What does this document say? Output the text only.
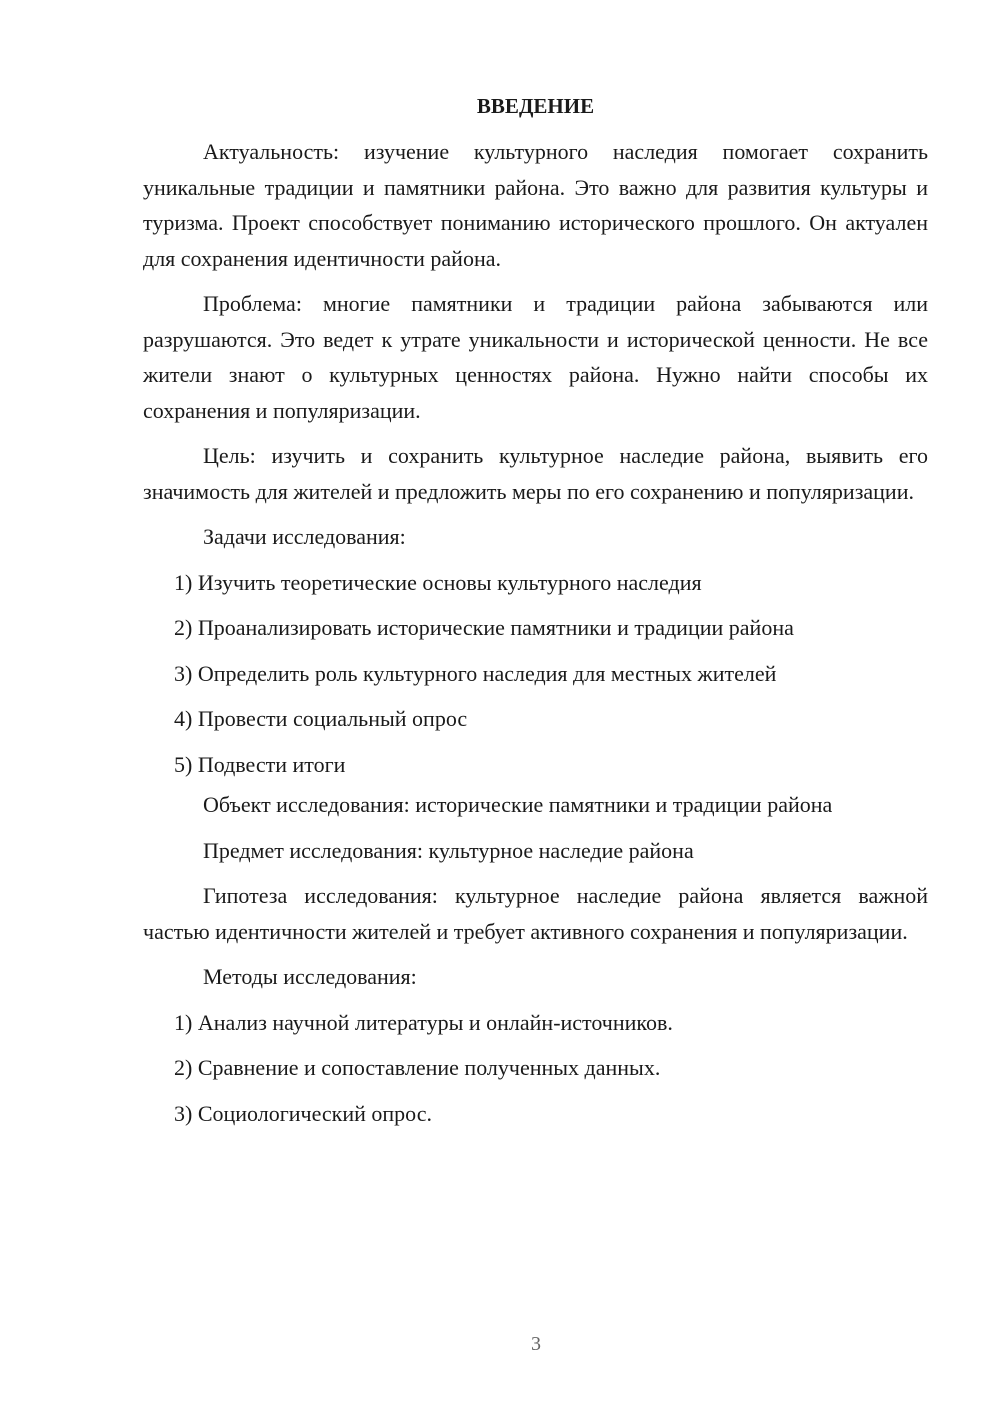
ВВЕДЕНИЕ

Актуальность: изучение культурного наследия помогает сохранить уникальные традиции и памятники района. Это важно для развития культуры и туризма. Проект способствует пониманию исторического прошлого. Он актуален для сохранения идентичности района.

Проблема: многие памятники и традиции района забываются или разрушаются. Это ведет к утрате уникальности и исторической ценности. Не все жители знают о культурных ценностях района. Нужно найти способы их сохранения и популяризации.

Цель: изучить и сохранить культурное наследие района, выявить его значимость для жителей и предложить меры по его сохранению и популяризации.

Задачи исследования:

1) Изучить теоретические основы культурного наследия

2) Проанализировать исторические памятники и традиции района

3) Определить роль культурного наследия для местных жителей

4) Провести социальный опрос

5) Подвести итоги

Объект исследования: исторические памятники и традиции района

Предмет исследования: культурное наследие района

Гипотеза исследования: культурное наследие района является важной частью идентичности жителей и требует активного сохранения и популяризации.

Методы исследования:

1) Анализ научной литературы и онлайн-источников.

2) Сравнение и сопоставление полученных данных.

3) Социологический опрос.

3
